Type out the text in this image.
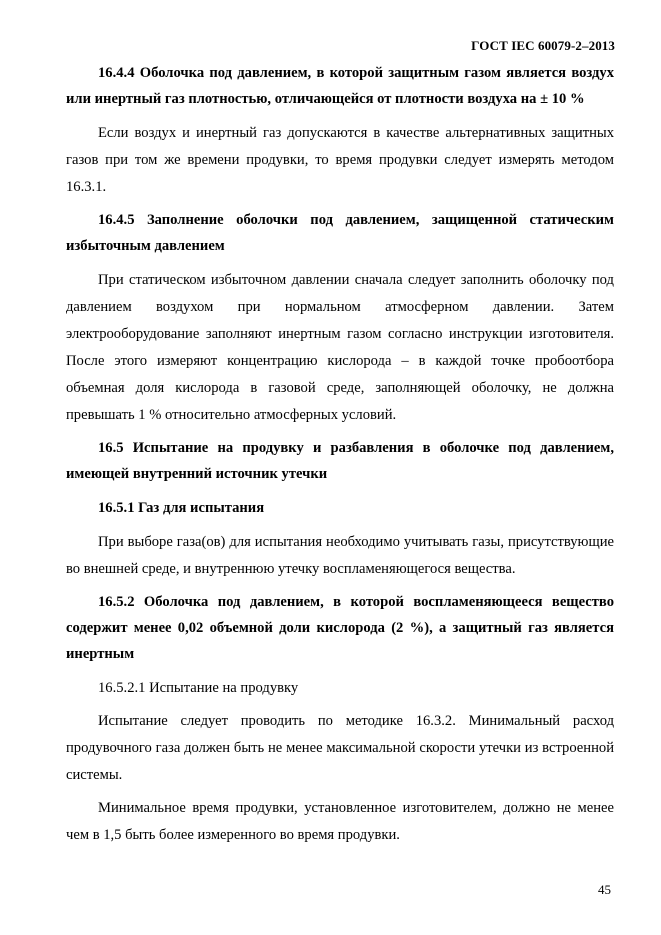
ГОСТ IEC 60079-2–2013

16.4.4 Оболочка под давлением, в которой защитным газом является воздух или инертный газ плотностью, отличающейся от плотности воздуха на ± 10 %

Если воздух и инертный газ допускаются в качестве альтернативных защитных газов при том же времени продувки, то время продувки следует измерять методом 16.3.1.

16.4.5 Заполнение оболочки под давлением, защищенной статическим избыточным давлением

При статическом избыточном давлении сначала следует заполнить оболочку под давлением воздухом при нормальном атмосферном давлении. Затем электрооборудование заполняют инертным газом согласно инструкции изготовителя. После этого измеряют концентрацию кислорода – в каждой точке пробоотбора объемная доля кислорода в газовой среде, заполняющей оболочку, не должна превышать 1 % относительно атмосферных условий.

16.5 Испытание на продувку и разбавления в оболочке под давлением, имеющей внутренний источник утечки

16.5.1 Газ для испытания

При выборе газа(ов) для испытания необходимо учитывать газы, присутствующие во внешней среде, и внутреннюю утечку воспламеняющегося вещества.

16.5.2 Оболочка под давлением, в которой воспламеняющееся вещество содержит менее 0,02 объемной доли кислорода (2 %), а защитный газ является инертным

16.5.2.1 Испытание на продувку

Испытание следует проводить по методике 16.3.2. Минимальный расход продувочного газа должен быть не менее максимальной скорости утечки из встроенной системы.

Минимальное время продувки, установленное изготовителем, должно не менее чем в 1,5 быть более измеренного во время продувки.

45
